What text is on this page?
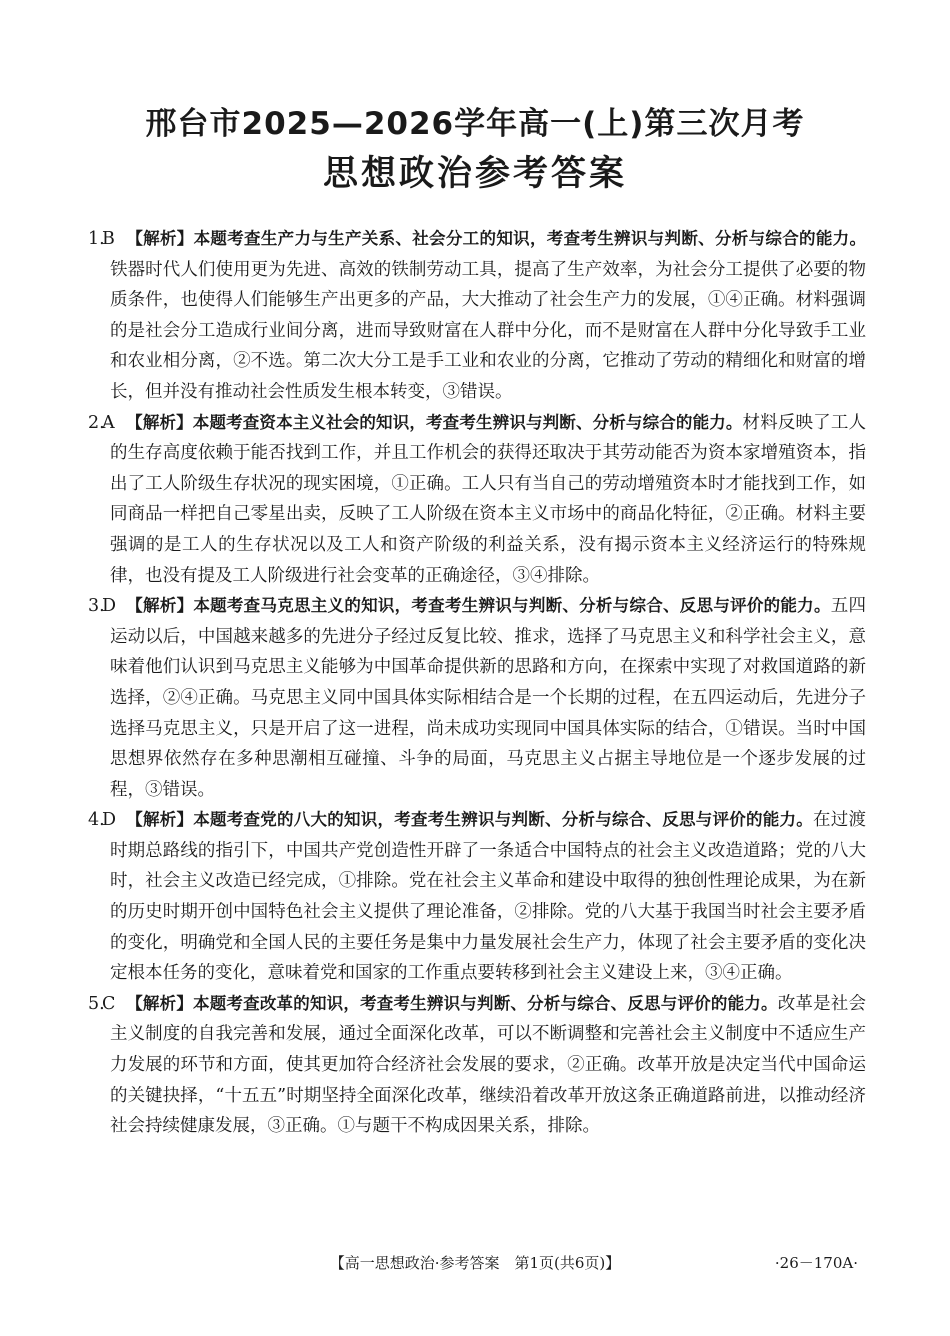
邢台市2025—2026学年高一(上)第三次月考
思想政治参考答案

1.B 【解析】本题考查生产力与生产关系、社会分工的知识，考查考生辨识与判断、分析与综合的能力。铁器时代人们使用更为先进、高效的铁制劳动工具，提高了生产效率，为社会分工提供了必要的物质条件，也使得人们能够生产出更多的产品，大大推动了社会生产力的发展，①④正确。材料强调的是社会分工造成行业间分离，进而导致财富在人群中分化，而不是财富在人群中分化导致手工业和农业相分离，②不选。第二次大分工是手工业和农业的分离，它推动了劳动的精细化和财富的增长，但并没有推动社会性质发生根本转变，③错误。

2.A 【解析】本题考查资本主义社会的知识，考查考生辨识与判断、分析与综合的能力。材料反映了工人的生存高度依赖于能否找到工作，并且工作机会的获得还取决于其劳动能否为资本家增殖资本，指出了工人阶级生存状况的现实困境，①正确。工人只有当自己的劳动增殖资本时才能找到工作，如同商品一样把自己零星出卖，反映了工人阶级在资本主义市场中的商品化特征，②正确。材料主要强调的是工人的生存状况以及工人和资产阶级的利益关系，没有揭示资本主义经济运行的特殊规律，也没有提及工人阶级进行社会变革的正确途径，③④排除。

3.D 【解析】本题考查马克思主义的知识，考查考生辨识与判断、分析与综合、反思与评价的能力。五四运动以后，中国越来越多的先进分子经过反复比较、推求，选择了马克思主义和科学社会主义，意味着他们认识到马克思主义能够为中国革命提供新的思路和方向，在探索中实现了对救国道路的新选择，②④正确。马克思主义同中国具体实际相结合是一个长期的过程，在五四运动后，先进分子选择马克思主义，只是开启了这一进程，尚未成功实现同中国具体实际的结合，①错误。当时中国思想界依然存在多种思潮相互碰撞、斗争的局面，马克思主义占据主导地位是一个逐步发展的过程，③错误。

4.D 【解析】本题考查党的八大的知识，考查考生辨识与判断、分析与综合、反思与评价的能力。在过渡时期总路线的指引下，中国共产党创造性开辟了一条适合中国特点的社会主义改造道路；党的八大时，社会主义改造已经完成，①排除。党在社会主义革命和建设中取得的独创性理论成果，为在新的历史时期开创中国特色社会主义提供了理论准备，②排除。党的八大基于我国当时社会主要矛盾的变化，明确党和全国人民的主要任务是集中力量发展社会生产力，体现了社会主要矛盾的变化决定根本任务的变化，意味着党和国家的工作重点要转移到社会主义建设上来，③④正确。

5.C 【解析】本题考查改革的知识，考查考生辨识与判断、分析与综合、反思与评价的能力。改革是社会主义制度的自我完善和发展，通过全面深化改革，可以不断调整和完善社会主义制度中不适应生产力发展的环节和方面，使其更加符合经济社会发展的要求，②正确。改革开放是决定当代中国命运的关键抉择，“十五五”时期坚持全面深化改革，继续沿着改革开放这条正确道路前进，以推动经济社会持续健康发展，③正确。①与题干不构成因果关系，排除。

【高一思想政治·参考答案　第1页(共6页)】	·26－170A·
